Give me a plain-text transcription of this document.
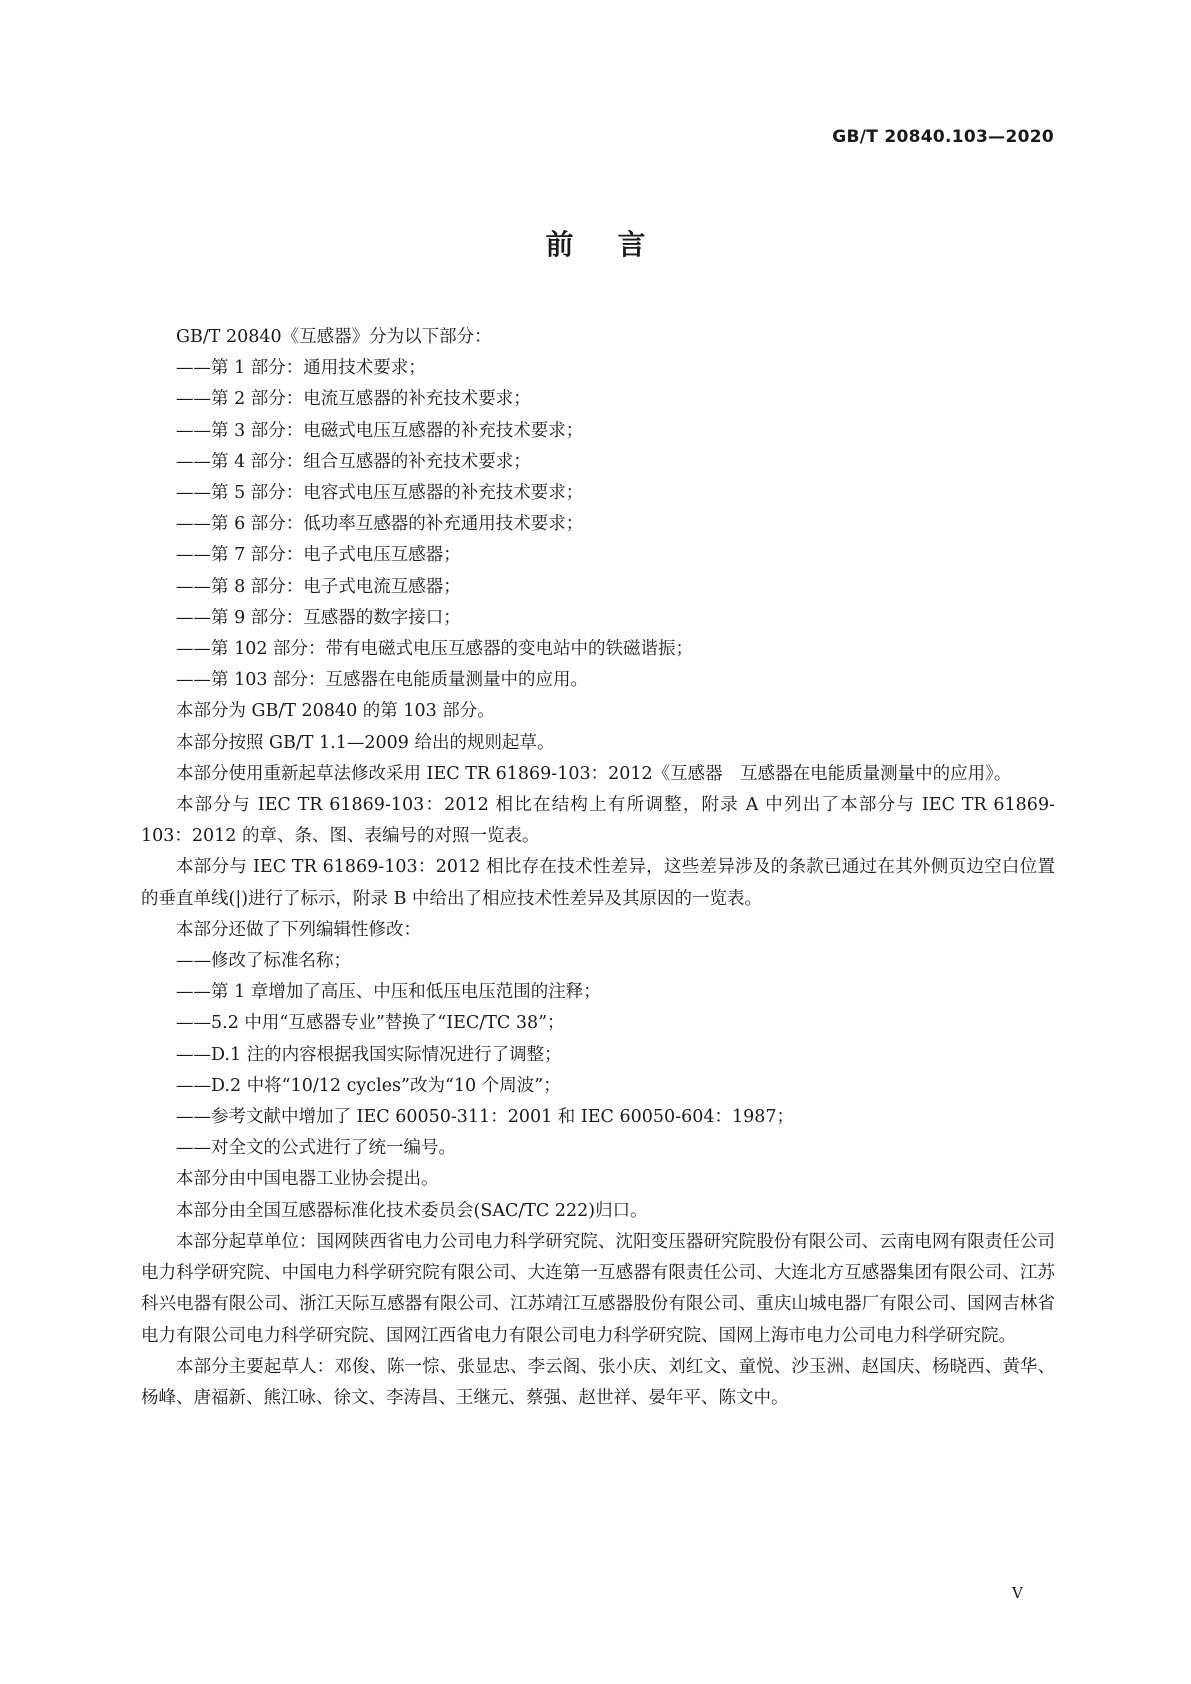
GB/T 20840.103—2020
前言

GB/T 20840《互感器》分为以下部分：

——第 1 部分：通用技术要求；

——第 2 部分：电流互感器的补充技术要求；

——第 3 部分：电磁式电压互感器的补充技术要求；

——第 4 部分：组合互感器的补充技术要求；

——第 5 部分：电容式电压互感器的补充技术要求；

——第 6 部分：低功率互感器的补充通用技术要求；

——第 7 部分：电子式电压互感器；

——第 8 部分：电子式电流互感器；

——第 9 部分：互感器的数字接口；

——第 102 部分：带有电磁式电压互感器的变电站中的铁磁谐振；

——第 103 部分：互感器在电能质量测量中的应用。

本部分为 GB/T 20840 的第 103 部分。

本部分按照 GB/T 1.1—2009 给出的规则起草。

本部分使用重新起草法修改采用 IEC TR 61869-103：2012《互感器　互感器在电能质量测量中的应用》。

本部分与 IEC TR 61869-103：2012 相比在结构上有所调整，附录 A 中列出了本部分与 IEC TR 61869-103：2012 的章、条、图、表编号的对照一览表。

本部分与 IEC TR 61869-103：2012 相比存在技术性差异，这些差异涉及的条款已通过在其外侧页边空白位置的垂直单线(|)进行了标示，附录 B 中给出了相应技术性差异及其原因的一览表。

本部分还做了下列编辑性修改：

——修改了标准名称；

——第 1 章增加了高压、中压和低压电压范围的注释；

——5.2 中用“互感器专业”替换了“IEC/TC 38”；

——D.1 注的内容根据我国实际情况进行了调整；

——D.2 中将“10/12 cycles”改为“10 个周波”；

——参考文献中增加了 IEC 60050-311：2001 和 IEC 60050-604：1987；

——对全文的公式进行了统一编号。

本部分由中国电器工业协会提出。

本部分由全国互感器标准化技术委员会(SAC/TC 222)归口。

本部分起草单位：国网陕西省电力公司电力科学研究院、沈阳变压器研究院股份有限公司、云南电网有限责任公司电力科学研究院、中国电力科学研究院有限公司、大连第一互感器有限责任公司、大连北方互感器集团有限公司、江苏科兴电器有限公司、浙江天际互感器有限公司、江苏靖江互感器股份有限公司、重庆山城电器厂有限公司、国网吉林省电力有限公司电力科学研究院、国网江西省电力有限公司电力科学研究院、国网上海市电力公司电力科学研究院。

本部分主要起草人：邓俊、陈一悰、张显忠、李云阁、张小庆、刘红文、童悦、沙玉洲、赵国庆、杨晓西、黄华、杨峰、唐福新、熊江咏、徐文、李涛昌、王继元、蔡强、赵世祥、晏年平、陈文中。

V
